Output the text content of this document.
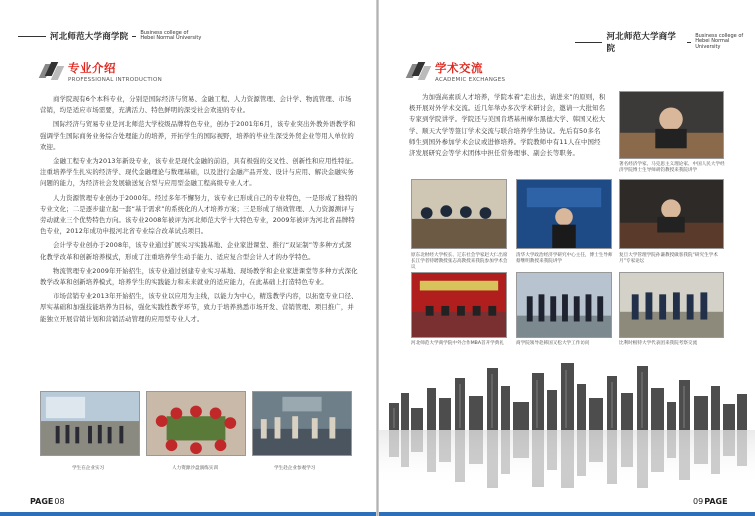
河北师范大学商学院 Business college of
Hebei Normal University
专业介绍
PROFESSIONAL INTRODUCTION

商学院现有6个本科专业，分别是国际经济与贸易、金融工程、人力资源管理、会计学、物流管理、市场营销，均是适应市场需要，充满活力、特色鲜明的深受社会欢迎的专业。

国际经济与贸易专业是河北师范大学校级品牌特色专业，创办于2001年6月，该专业突出外教外语教学和强调学生国际商务业务综合处理能力的培养，开拓学生的国际视野，培养的毕业生深受外贸企业等用人单位的欢迎。

金融工程专业为2013年新设专业，该专业是现代金融的前沿，具有极强的交叉性、创新性和应用性特征。注重培养学生扎实的经济学、现代金融理论与数理基础，以及进行金融产品开发、设计与应用、解决金融实务问题的能力，为经济社会发展输送复合型与应用型金融工程高级专业人才。

人力资源管理专业创办于2000年。经过多年不懈努力，该专业已形成自己的专业特色，一是形成了独特的专业文化；二是逐步建立起一套“基于需求”的系统化的人才培养方案；三是形成了绩效管理、人力资源测评与劳动就业三个优势特色方向。该专业2008年被评为河北师范大学十大特色专业，2009年被评为河北省品牌特色专业，2012年成功申报河北省专业综合改革试点项目。

会计学专业创办于2008年，该专业通过扩展实习实践基地、企业家进课堂、推行“双证制”等多种方式深化教学改革和创新培养模式，形成了注重培养学生动手能力、适应复合型会计人才的办学特色。

物流管理专业2009年开始招生，该专业通过创建专业实习基地、现场教学和企业家进课堂等多种方式深化教学改革和创新培养模式，培养学生的实践能力和未来就业的适应能力，在此基础上打造特色专业。

市场营销专业2013年开始招生，该专业以应用为主线，以能力为中心，精选教学内容，以拓宽专业口径、厚实基础和加强技能培养为目标，强化实践性教学环节，致力于培养熟悉市场开发、营销管理、项目推广，并能独立开展营销计划和营销活动管理的应用型专业人才。

学生在企业实习	人力资源沙盘演练实训	学生赴企业参观学习
PAGE 08
河北师范大学商学院
Business college of
Hebei Normal University
学术交流
ACADEMIC EXCHANGES

为加强高素质人才培养，学院本着“走出去，请进来”的原则，积极开展对外学术交流。近几年举办多次学术研讨会，邀请一大批知名专家到学院讲学。学院还与美国肯塔基州摩尔黑德大学、韩国又松大学、顺天大学等签订学术交流与联合培养学生协议。先后有50多名师生到国外参加学术会议或进修培养。学院教师中有11人在中国经济发展研究会等学术团体中担任常务理事、副会长等职务。

著名经济学家、马克思主义理论家、中国人民大学经济学院博士生导师胡钧教授来我院讲学
原东北财经大学校长、辽东社会学家赵大仁出席长江学者特聘教授张志高教授来我院参加学术会议
清华大学政治经济学研究中心主任，博士生导师蔡继明教授来我院讲学
复旦大学管理学院孙谦教授做客我院“研究生学术月”专家论坛
河北师范大学商学院中外合作MBA首开学典礼	商学院领导赴韩国又松大学工作访问	比利时根特大学代表团来我院考察交流
09 PAGE
